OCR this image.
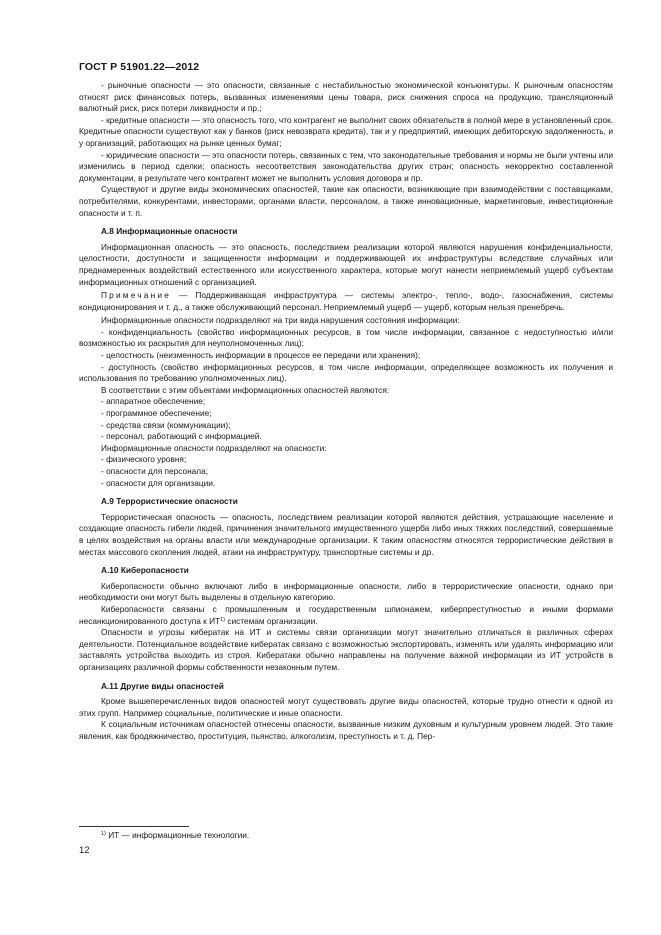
ГОСТ Р 51901.22—2012

- рыночные опасности — это опасности, связанные с нестабильностью экономической конъюнктуры. К рыночным опасностям относят риск финансовых потерь, вызванных изменениями цены товара, риск снижения спроса на продукцию, трансляционный валютный риск, риск потери ликвидности и пр.;

- кредитные опасности — это опасность того, что контрагент не выполнит своих обязательств в полной мере в установленный срок. Кредитные опасности существуют как у банков (риск невозврата кредита), так и у предприятий, имеющих дебиторскую задолженность, и у организаций, работающих на рынке ценных бумаг;

- юридические опасности — это опасности потерь, связанных с тем, что законодательные требования и нормы не были учтены или изменились в период сделки; опасность несоответствия законодательства других стран; опасность некорректно составленной документации, в результате чего контрагент может не выполнить условия договора и пр.

Существуют и другие виды экономических опасностей, такие как опасности, возникающие при взаимодействии с поставщиками, потребителями, конкурентами, инвесторами, органами власти, персоналом, а также инновационные, маркетинговые, инвестиционные опасности и т. п.

А.8 Информационные опасности

Информационная опасность — это опасность, последствием реализации которой являются нарушения конфиденциальности, целостности, доступности и защищенности информации и поддерживающей их инфраструктуры вследствие случайных или преднамеренных воздействий естественного или искусственного характера, которые могут нанести неприемлемый ущерб субъектам информационных отношений с организацией.

Примечание — Поддерживающая инфраструктура — системы электро-, тепло-, водо-, газоснабжения, системы кондиционирования и т. д., а также обслуживающий персонал. Неприемлемый ущерб — ущерб, которым нельзя пренебречь.

Информационные опасности подразделяют на три вида нарушения состояния информации:

- конфиденциальность (свойство информационных ресурсов, в том числе информации, связанное с недоступностью и/или возможностью их раскрытия для неуполномоченных лиц);

- целостность (неизменность информации в процессе ее передачи или хранения);

- доступность (свойство информационных ресурсов, в том числе информации, определяющее возможность их получения и использования по требованию уполномоченных лиц).

В соответствии с этим объектами информационных опасностей являются:

- аппаратное обеспечение;

- программное обеспечение;

- средства связи (коммуникации);

- персонал, работающий с информацией.

Информационные опасности подразделяют на опасности:

- физического уровня;

- опасности для персонала;

- опасности для организации.

А.9 Террористические опасности

Террористическая опасность — опасность, последствием реализации которой являются действия, устрашающие население и создающие опасность гибели людей, причинения значительного имущественного ущерба либо иных тяжких последствий, совершаемые в целях воздействия на органы власти или международные организации. К таким опасностям относятся террористические действия в местах массового скопления людей, атаки на инфраструктуру, транспортные системы и др.

А.10 Киберопасности

Киберопасности обычно включают либо в информационные опасности, либо в террористические опасности, однако при необходимости они могут быть выделены в отдельную категорию.

Киберопасности связаны с промышленным и государственным шпионажем, киберпреступностью и иными формами несанкционированного доступа к ИТ$^{1)}$ системам организации.

Опасности и угрозы кибератак на ИТ и системы связи организации могут значительно отличаться в различных сферах деятельности. Потенциальное воздействие кибератак связано с возможностью экспортировать, изменять или удалять информацию или заставлять устройства выходить из строя. Кибератаки обычно направлены на получение важной информации из ИТ устройств в организациях различной формы собственности незаконным путем.

А.11 Другие виды опасностей

Кроме вышеперечисленных видов опасностей могут существовать другие виды опасностей, которые трудно отнести к одной из этих групп. Например социальные, политические и иные опасности.

К социальным источникам опасностей отнесены опасности, вызванные низким духовным и культурным уровнем людей. Это такие явления, как бродяжничество, проституция, пьянство, алкоголизм, преступность и т. д. Пер-

$^{1)}$ ИТ — информационные технологии.
12
